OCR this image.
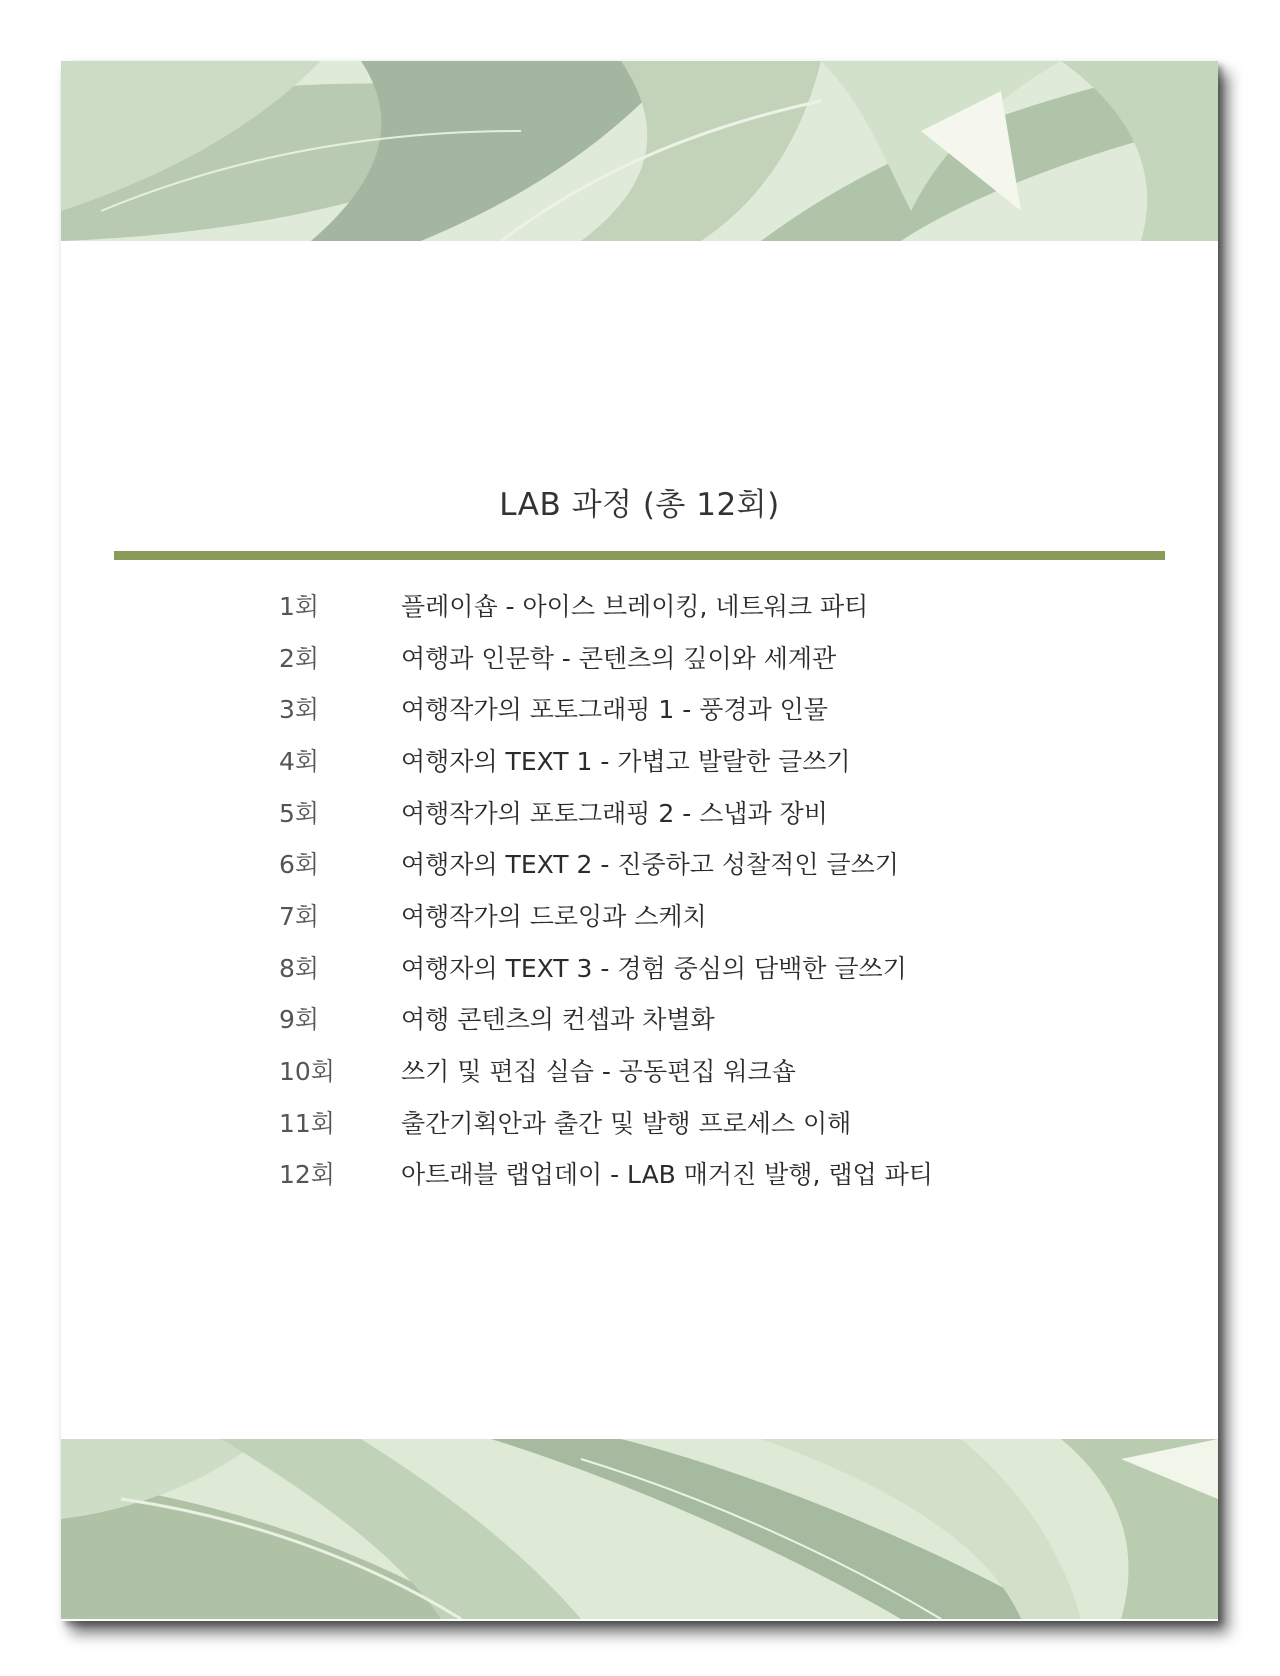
LAB 과정 (총 12회)
1회	플레이숍 - 아이스 브레이킹, 네트워크 파티
2회	여행과 인문학 - 콘텐츠의 깊이와 세계관
3회	여행작가의 포토그래핑 1 - 풍경과 인물
4회	여행자의 TEXT 1 - 가볍고 발랄한 글쓰기
5회	여행작가의 포토그래핑 2 - 스냅과 장비
6회	여행자의 TEXT 2 - 진중하고 성찰적인 글쓰기
7회	여행작가의 드로잉과 스케치
8회	여행자의 TEXT 3 - 경험 중심의 담백한 글쓰기
9회	여행 콘텐츠의 컨셉과 차별화
10회	쓰기 및 편집 실습 - 공동편집 워크숍
11회	출간기획안과 출간 및 발행 프로세스 이해
12회	아트래블 랩업데이 - LAB 매거진 발행, 랩업 파티
